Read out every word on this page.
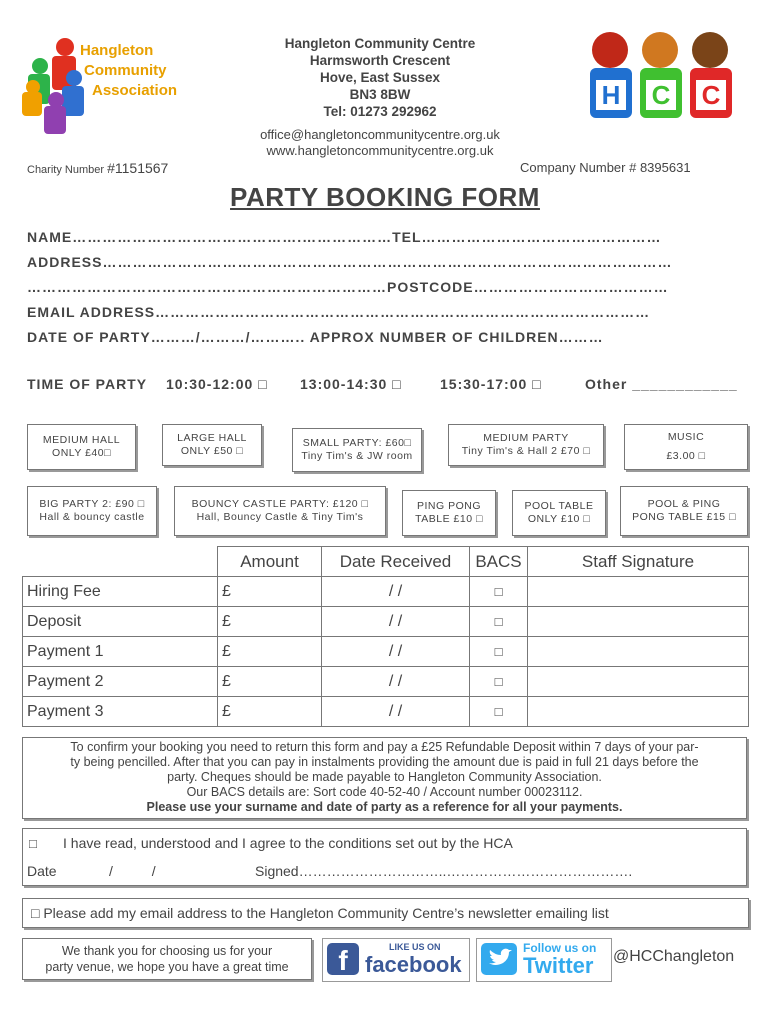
Hangleton
Community
Association
Hangleton Community Centre
Harmsworth Crescent
Hove, East Sussex
BN3 8BW
Tel: 01273 292962
office@hangletoncommunitycentre.org.uk
www.hangletoncommunitycentre.org.uk
Charity Number #1151567	Company Number # 8395631
H C C
PARTY BOOKING FORM
NAME……………………………………….………………TEL…………………………………………
ADDRESS……………………………………………………………………………………………………
………………………………………………………………POSTCODE…………………………………
EMAIL ADDRESS………………………………………………………………………………………
DATE OF PARTY………/………/……….. APPROX NUMBER OF CHILDREN………
TIME OF PARTY 10:30-12:00 □ 13:00-14:30 □	15:30-17:00 □	Other ____________
MEDIUM HALL
ONLY £40□
LARGE HALL
ONLY £50 □
SMALL PARTY: £60□
Tiny Tim's & JW room
MEDIUM PARTY
Tiny Tim's & Hall 2 £70 □
MUSIC
£3.00 □
BIG PARTY 2: £90 □
Hall & bouncy castle
BOUNCY CASTLE PARTY: £120 □
Hall, Bouncy Castle & Tiny Tim's
PING PONG
TABLE £10 □
POOL TABLE
ONLY £10 □
POOL & PING
PONG TABLE £15 □
	Amount	Date Received	BACS	Staff Signature
Hiring Fee	£	/ /	□	
Deposit	£	/ /	□	
Payment 1	£	/ /	□	
Payment 2	£	/ /	□	
Payment 3	£	/ /	□	
To confirm your booking you need to return this form and pay a £25 Refundable Deposit within 7 days of your par-
ty being pencilled. After that you can pay in instalments providing the amount due is paid in full 21 days before the
party. Cheques should be made payable to Hangleton Community Association.
Our BACS details are: Sort code 40-52-40 / Account number 00023112.
Please use your surname and date of party as a reference for all your payments.
□ I have read, understood and I agree to the conditions set out by the HCA
Date	/          /	Signed…………………………..………………………………….
□ Please add my email address to the Hangleton Community Centre’s newsletter emailing list
We thank you for choosing us for your
party venue, we hope you have a great time	f	LIKE US ON
facebook
Follow us on
Twitter @HCChangleton
